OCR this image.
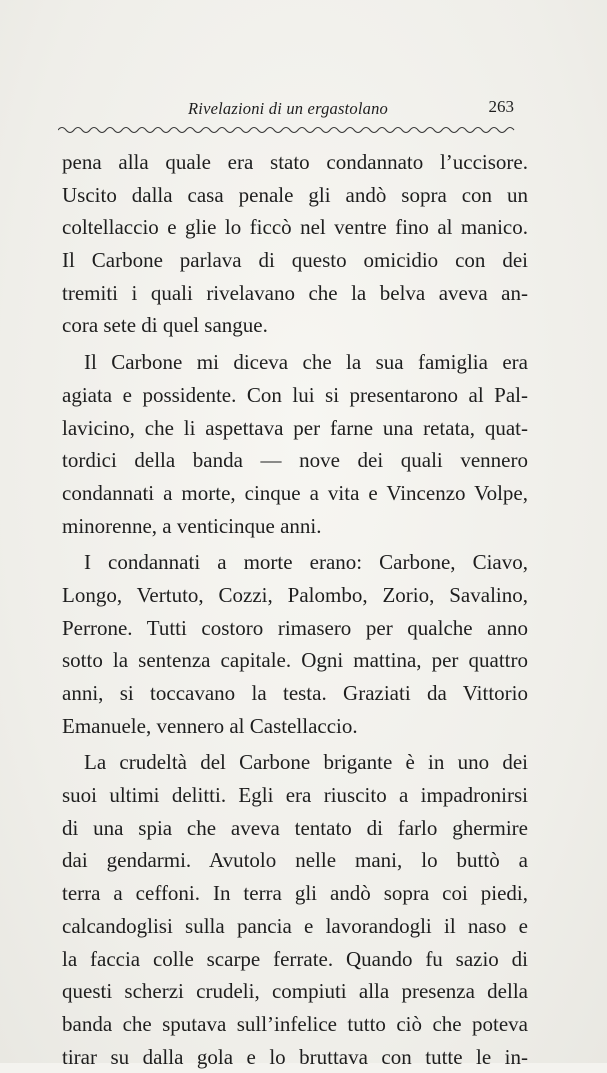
Rivelazioni di un ergastolano	263
pena alla quale era stato condannato l’uccisore.
Uscito dalla casa penale gli andò sopra con un
coltellaccio e glie lo ficcò nel ventre fino al manico.
Il Carbone parlava di questo omicidio con dei
tremiti i quali rivelavano che la belva aveva an-
cora sete di quel sangue.
Il Carbone mi diceva che la sua famiglia era
agiata e possidente. Con lui si presentarono al Pal-
lavicino, che li aspettava per farne una retata, quat-
tordici della banda — nove dei quali vennero
condannati a morte, cinque a vita e Vincenzo Volpe,
minorenne, a venticinque anni.
I condannati a morte erano: Carbone, Ciavo,
Longo, Vertuto, Cozzi, Palombo, Zorio, Savalino,
Perrone. Tutti costoro rimasero per qualche anno
sotto la sentenza capitale. Ogni mattina, per quattro
anni, si toccavano la testa. Graziati da Vittorio
Emanuele, vennero al Castellaccio.
La crudeltà del Carbone brigante è in uno dei
suoi ultimi delitti. Egli era riuscito a impadronirsi
di una spia che aveva tentato di farlo ghermire
dai gendarmi. Avutolo nelle mani, lo buttò a
terra a ceffoni. In terra gli andò sopra coi piedi,
calcandoglisi sulla pancia e lavorandogli il naso e
la faccia colle scarpe ferrate. Quando fu sazio di
questi scherzi crudeli, compiuti alla presenza della
banda che sputava sull’infelice tutto ciò che poteva
tirar su dalla gola e lo bruttava con tutte le in-
